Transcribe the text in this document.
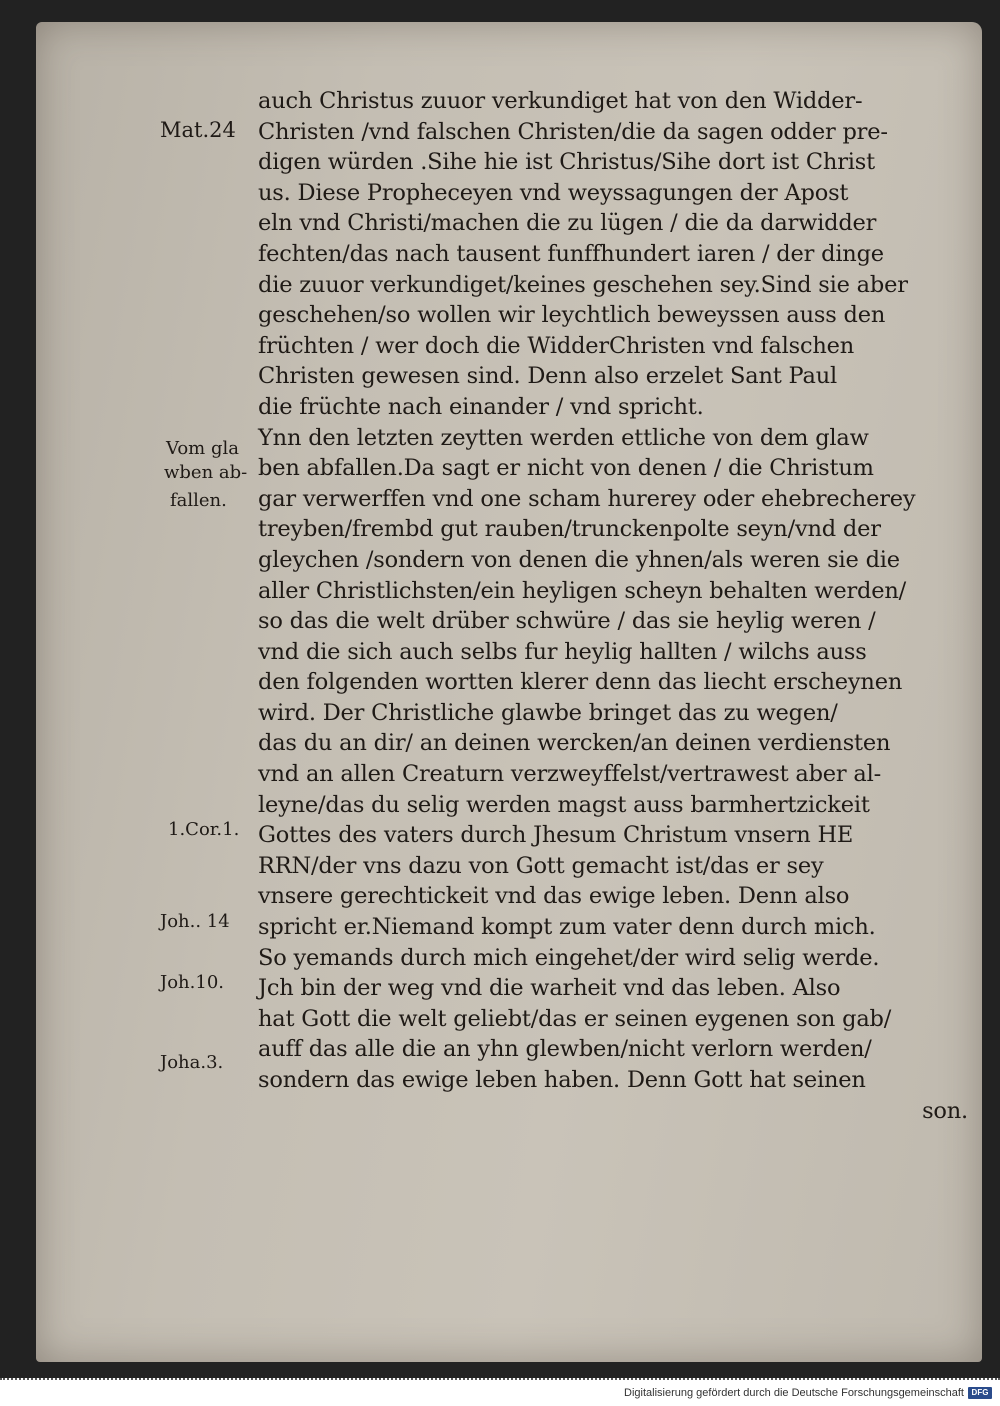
auch Christus zuuor verkundiget hat von den Widder-
Christen /vnd falschen Christen/die da sagen odder pre-
digen würden .Sihe hie ist Christus/Sihe dort ist Christ
us. Diese Propheceyen vnd weyssagungen der Apost
eln vnd Christi/machen die zu lügen / die da darwidder
fechten/das nach tausent funffhundert iaren / der dinge
die zuuor verkundiget/keines geschehen sey.Sind sie aber
geschehen/so wollen wir leychtlich beweyssen auss den
früchten / wer doch die WidderChristen vnd falschen
Christen gewesen sind. Denn also erzelet Sant Paul
die früchte nach einander / vnd spricht.
Ynn den letzten zeytten werden ettliche von dem glaw
ben abfallen.Da sagt er nicht von denen / die Christum
gar verwerffen vnd one scham hurerey oder ehebrecherey
treyben/frembd gut rauben/trunckenpolte seyn/vnd der
gleychen /sondern von denen die yhnen/als weren sie die
aller Christlichsten/ein heyligen scheyn behalten werden/
so das die welt drüber schwüre / das sie heylig weren /
vnd die sich auch selbs fur heylig hallten / wilchs auss
den folgenden wortten klerer denn das liecht erscheynen
wird. Der Christliche glawbe bringet das zu wegen/
das du an dir/ an deinen wercken/an deinen verdiensten
vnd an allen Creaturn verzweyffelst/vertrawest aber al-
leyne/das du selig werden magst auss barmhertzickeit
Gottes des vaters durch Jhesum Christum vnsern HE
RRN/der vns dazu von Gott gemacht ist/das er sey
vnsere gerechtickeit vnd das ewige leben. Denn also
spricht er.Niemand kompt zum vater denn durch mich.
So yemands durch mich eingehet/der wird selig werde.
Jch bin der weg vnd die warheit vnd das leben. Also
hat Gott die welt geliebt/das er seinen eygenen son gab/
auff das alle die an yhn glewben/nicht verlorn werden/
sondern das ewige leben haben. Denn Gott hat seinen
son.

Mat.24

Vom gla

wben ab-

fallen.

1.Cor.1.

Joh.. 14

Joh.10.

Joha.3.

Digitalisierung gefördert durch die Deutsche Forschungsgemeinschaft DFG
